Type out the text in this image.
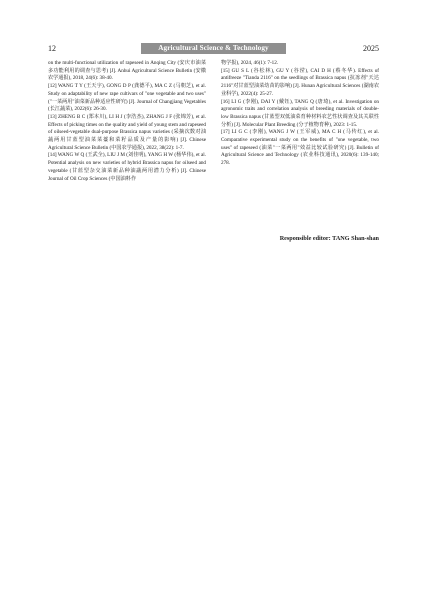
12	Agricultural Science & Technology	2025

on the multi-functional utilization of rapeseed in Anqing City (安庆市油菜多功能利用的调查与思考) [J]. Anhui Agricultural Science Bulletin (安徽农学通报), 2018, 24(6): 38-40.

[12] WANG T Y (王天宇), GONG D P (龚德平), MA C Z (马朝芝), et al. Study on adaptability of new rape cultivars of "one vegetable and two uses" ("一菜两用"油菜新品种适应性研究) [J]. Journal of Changjiang Vegetables (长江蔬菜), 2022(6): 26-30.

[13] ZHENG B C (郑本川), LI H J (李浩杰), ZHANG J F (张锦芳), et al. Effects of picking times on the quality and yield of young stem and rapeseed of oilseed-vegetable dual-purpose Brassica napus varieties (采摘次数对油蔬两用甘蓝型油菜菜薹和菜籽品质及产量的影响) [J]. Chinese Agricultural Science Bulletin (中国农学通报), 2022, 38(22): 1-7.

[14] WANG W Q (王武全), LIU J M (刘佳明), YANG H W (杨华伟), et al. Potential analysis on new varieties of hybrid Brassica napus for oilseed and vegetable (甘蓝型杂交油菜新品种油蔬两用潜力分析) [J]. Chinese Journal of Oil Crop Sciences (中国油料作

物学报), 2024, 46(1): 7-12.

[15] GU S L (谷松林), GU Y (谷滢), CAI D H (蔡冬华). Effects of antifreeze "Tianda 2116" on the seedlings of Brassica napus (抗冻剂"天达 2116"对甘蓝型油菜幼苗的影响) [J]. Hunan Agricultural Sciences (湖南农业科学), 2022(4): 25-27.

[16] LI G (李刚), DAI Y (戴钰), TANG Q (唐琦), et al. Investigation on agronomic traits and correlation analysis of breeding materials of double-low Brassica napus (甘蓝型双低油菜育种材料农艺性状调查及其关联性分析) [J]. Molecular Plant Breeding (分子植物育种), 2023: 1-15.

[17] LI G C (李刚), WANG J W (王军威), MA C H (马传红), et al. Comparative experimental study on the benefits of "one vegetable, two uses" of rapeseed (油菜"一菜两用"效益比较试验研究) [J]. Bulletin of Agricultural Science and Technology (农业科技通讯), 2020(6): 139-140; 278.

Responsible editor: TANG Shan-shan
